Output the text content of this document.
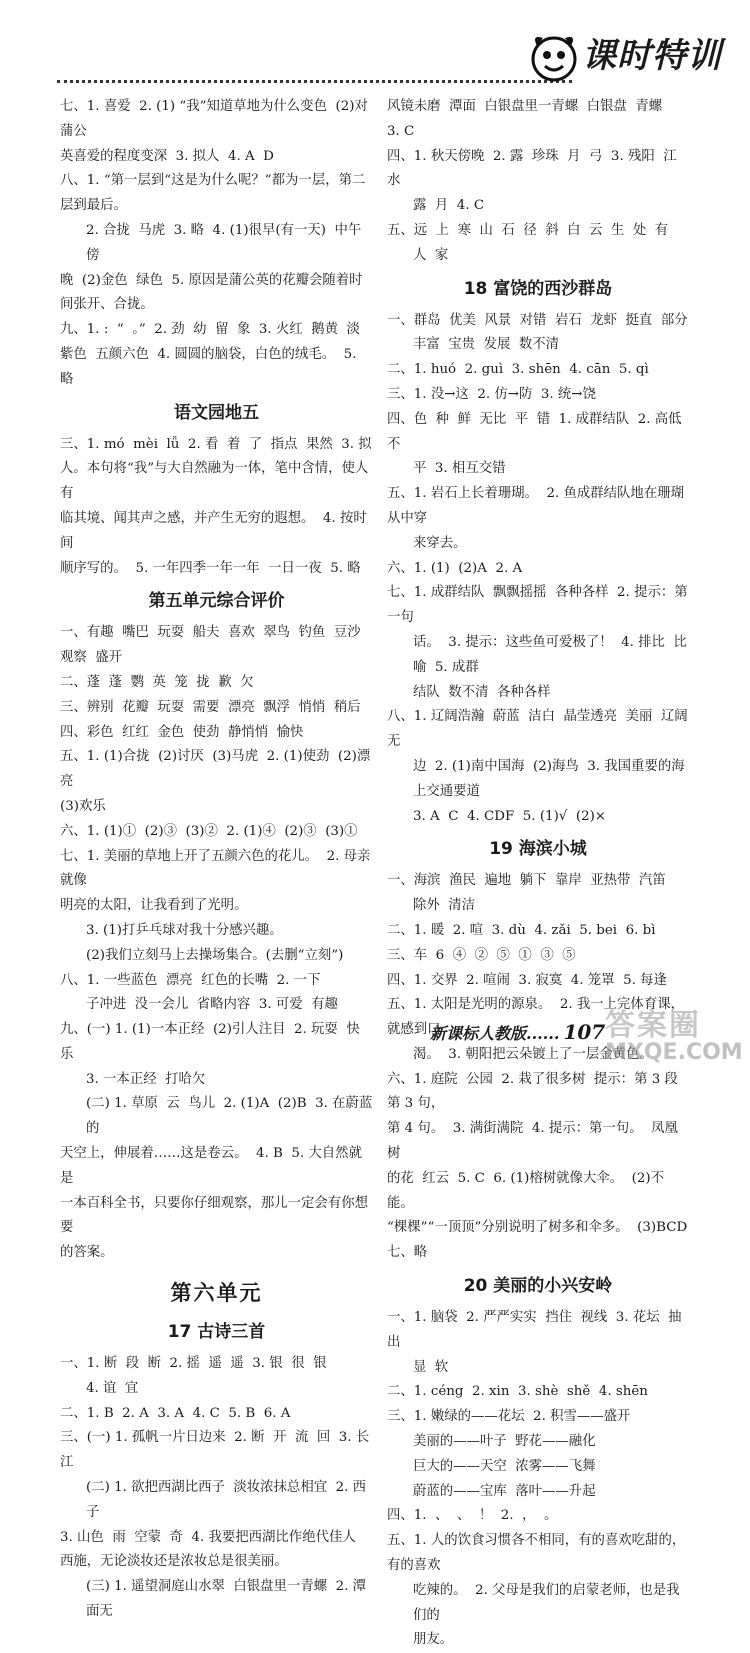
课时特训

七、1. 喜爱  2. (1) “我”知道草地为什么变色  (2)对蒲公

英喜爱的程度变深  3. 拟人  4. A  D

八、1. “第一层到“这是为什么呢？”都为一层，第二层到最后。

2. 合拢  马虎  3. 略  4. (1)很早(有一天)  中午  傍

晚  (2)金色  绿色  5. 原因是蒲公英的花瓣会随着时

间张开、合拢。

九、1. :  “  。”  2. 劲  幼  留  象  3. 火红  鹅黄  淡

紫色  五颜六色  4. 圆圆的脑袋，白色的绒毛。  5. 略

语文园地五

三、1. mó  mèi  lǚ  2. 看  着  了  指点  果然  3. 拟

人。本句将“我”与大自然融为一体，笔中含情，使人有

临其境、闻其声之感，并产生无穷的遐想。  4. 按时间

顺序写的。  5. 一年四季一年一年  一日一夜  5. 略

第五单元综合评价

一、有趣  嘴巴  玩耍  船夫  喜欢  翠鸟  钓鱼  豆沙

观察  盛开

二、蓬  蓬  鹦  英  笼  拢  歉  欠

三、辨别  花瓣  玩耍  需要  漂亮  飘浮  悄悄  稍后

四、彩色  红红  金色  使劲  静悄悄  愉快

五、1. (1)合拢  (2)讨厌  (3)马虎  2. (1)使劲  (2)漂亮

(3)欢乐

六、1. (1)①  (2)③  (3)②  2. (1)④  (2)③  (3)①

七、1. 美丽的草地上开了五颜六色的花儿。  2. 母亲就像

明亮的太阳，让我看到了光明。

3. (1)打乒乓球对我十分感兴趣。

(2)我们立刻马上去操场集合。(去删“立刻”)

八、1. 一些蓝色  漂亮  红色的长嘴  2. 一下

子冲进  没一会儿  省略内容  3. 可爱  有趣

九、(一) 1. (1)一本正经  (2)引人注目  2. 玩耍  快乐

3. 一本正经  打哈欠

(二) 1. 草原  云  鸟儿  2. (1)A  (2)B  3. 在蔚蓝的

天空上，伸展着……这是卷云。  4. B  5. 大自然就是

一本百科全书，只要你仔细观察，那儿一定会有你想要

的答案。

第六单元
17 古诗三首

一、1. 断  段  断  2. 摇  遥  遥  3. 银  很  银

4. 谊  宜

二、1. B  2. A  3. A  4. C  5. B  6. A

三、(一) 1. 孤帆一片日边来  2. 断  开  流  回  3. 长江

(二) 1. 欲把西湖比西子  淡妆浓抹总相宜  2. 西子

3. 山色  雨  空蒙  奇  4. 我要把西湖比作绝代佳人

西施，无论淡妆还是浓妆总是很美丽。

(三) 1. 遥望洞庭山水翠  白银盘里一青螺  2. 潭面无

风镜未磨  潭面  白银盘里一青螺  白银盘  青螺

3. C

四、1. 秋天傍晚  2. 露  珍珠  月  弓  3. 残阳  江水

露  月  4. C

五、远  上  寒  山  石  径  斜  白  云  生  处  有

人  家

18 富饶的西沙群岛

一、群岛  优美  风景  对错  岩石  龙虾  挺直  部分

丰富  宝贵  发展  数不清

二、1. huó  2. guì  3. shēn  4. cān  5. qì

三、1. 没→这  2. 仿→防  3. 统→饶

四、色  种  鲜  无比  平  错  1. 成群结队  2. 高低不

平  3. 相互交错

五、1. 岩石上长着珊瑚。  2. 鱼成群结队地在珊瑚从中穿

来穿去。

六、1. (1)  (2)A  2. A

七、1. 成群结队  飘飘摇摇  各种各样  2. 提示：第一句

话。  3. 提示：这些鱼可爱极了！  4. 排比  比喻  5. 成群

结队  数不清  各种各样

八、1. 辽阔浩瀚  蔚蓝  洁白  晶莹透亮  美丽  辽阔无

边  2. (1)南中国海  (2)海鸟  3. 我国重要的海上交通要道

3. A  C  4. CDF  5. (1)√  (2)×

19 海滨小城

一、海滨  渔民  遍地  躺下  靠岸  亚热带  汽笛

除外  清洁

二、1. 暖  2. 喧  3. dù  4. zǎi  5. bei  6. bì

三、车  6  ④  ②  ⑤  ①  ③  ⑤

四、1. 交界  2. 喧闹  3. 寂寞  4. 笼罩  5. 每逢

五、1. 太阳是光明的源泉。  2. 我一上完体育课，就感到口

渴。  3. 朝阳把云朵镀上了一层金黄色。

六、1. 庭院  公园  2. 栽了很多树  提示：第 3 段第 3 句，

第 4 句。  3. 满街满院  4. 提示：第一句。  凤凰树

的花  红云  5. C  6. (1)榕树就像大伞。  (2)不能。

“棵棵”“一顶顶”分别说明了树多和伞多。  (3)BCD

七、略

20 美丽的小兴安岭

一、1. 脑袋  2. 严严实实  挡住  视线  3. 花坛  抽出

显  软

二、1. céng  2. xin  3. shè  shě  4. shēn

三、1. 嫩绿的——花坛  2. 积雪——盛开

美丽的——叶子  野花——融化

巨大的——天空  浓雾——飞舞

蔚蓝的——宝库  落叶——升起

四、1.  、  、  ！  2.  ，  。

五、1. 人的饮食习惯各不相同，有的喜欢吃甜的，有的喜欢

吃辣的。  2. 父母是我们的启蒙老师，也是我们的

朋友。

新课标人教版...... 107 答案圈
MXQE.COM
